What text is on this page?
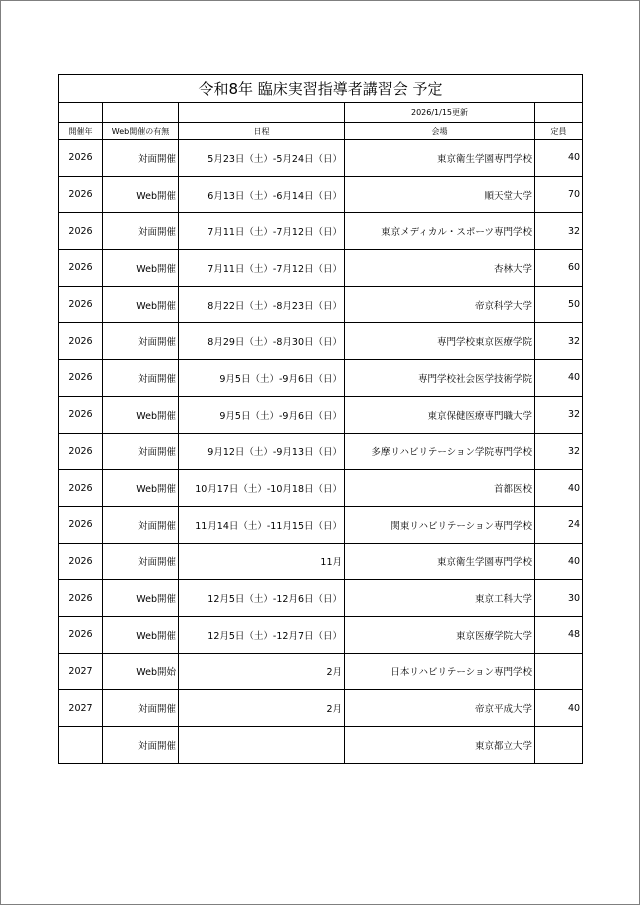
令和8年 臨床実習指導者講習会 予定				
			2026/1/15更新	
開催年	Web開催の有無	日程	会場	定員
2026	対面開催	5月23日（土）-5月24日（日）	東京衛生学園専門学校	40
2026	Web開催	6月13日（土）-6月14日（日）	順天堂大学	70
2026	対面開催	7月11日（土）-7月12日（日）	東京メディカル・スポーツ専門学校	32
2026	Web開催	7月11日（土）-7月12日（日）	杏林大学	60
2026	Web開催	8月22日（土）-8月23日（日）	帝京科学大学	50
2026	対面開催	8月29日（土）-8月30日（日）	専門学校東京医療学院	32
2026	対面開催	9月5日（土）-9月6日（日）	専門学校社会医学技術学院	40
2026	Web開催	9月5日（土）-9月6日（日）	東京保健医療専門職大学	32
2026	対面開催	9月12日（土）-9月13日（日）	多摩リハビリテーション学院専門学校	32
2026	Web開催	10月17日（土）-10月18日（日）	首都医校	40
2026	対面開催	11月14日（土）-11月15日（日）	関東リハビリテーション専門学校	24
2026	対面開催	11月	東京衛生学園専門学校	40
2026	Web開催	12月5日（土）-12月6日（日）	東京工科大学	30
2026	Web開催	12月5日（土）-12月7日（日）	東京医療学院大学	48
2027	Web開始	2月	日本リハビリテーション専門学校	
2027	対面開催	2月	帝京平成大学	40
	対面開催		東京都立大学	
